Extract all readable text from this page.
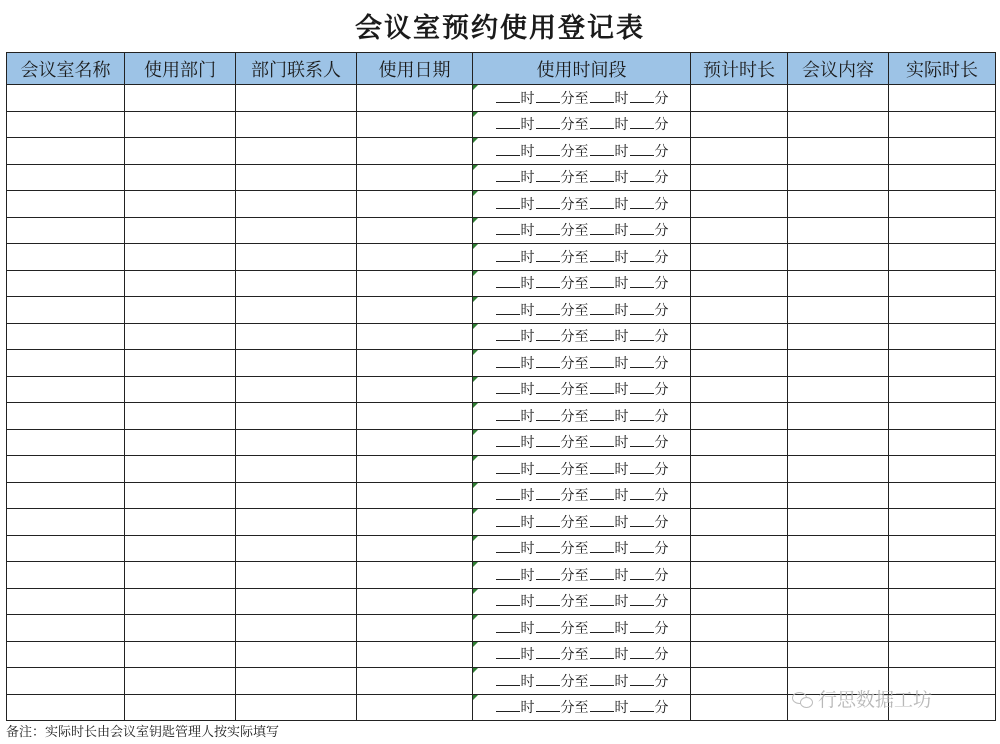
会议室预约使用登记表
会议室名称	使用部门	部门联系人	使用日期	使用时间段	预计时长	会议内容	实际时长
				时 分至 时 分			
				时 分至 时 分			
				时 分至 时 分			
				时 分至 时 分			
				时 分至 时 分			
				时 分至 时 分			
				时 分至 时 分			
				时 分至 时 分			
				时 分至 时 分			
				时 分至 时 分			
				时 分至 时 分			
				时 分至 时 分			
				时 分至 时 分			
				时 分至 时 分			
				时 分至 时 分			
				时 分至 时 分			
				时 分至 时 分			
				时 分至 时 分			
				时 分至 时 分			
				时 分至 时 分			
				时 分至 时 分			
				时 分至 时 分			
				时 分至 时 分			
				时 分至 时 分			
备注：实际时长由会议室钥匙管理人按实际填写
行思数据工坊
